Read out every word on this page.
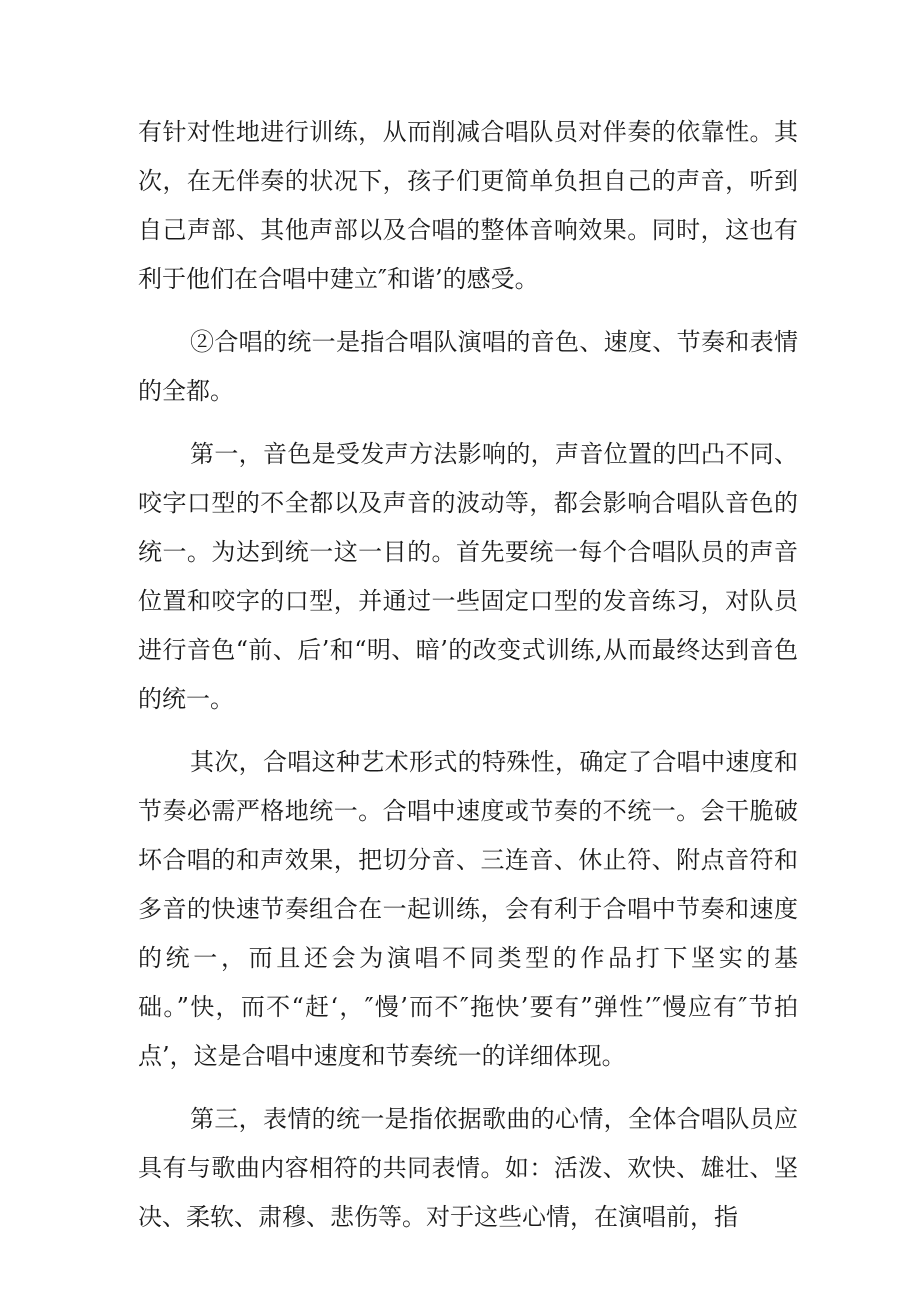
有针对性地进行训练，从而削减合唱队员对伴奏的依靠性。其次，在无伴奏的状况下，孩子们更简单负担自己的声音，听到自己声部、其他声部以及合唱的整体音响效果。同时，这也有利于他们在合唱中建立″和谐’的感受。

②合唱的统一是指合唱队演唱的音色、速度、节奏和表情的全都。

第一，音色是受发声方法影响的，声音位置的凹凸不同、咬字口型的不全都以及声音的波动等，都会影响合唱队音色的统一。为达到统一这一目的。首先要统一每个合唱队员的声音位置和咬字的口型，并通过一些固定口型的发音练习，对队员进行音色“前、后’和“明、暗’的改变式训练,从而最终达到音色的统一。

其次，合唱这种艺术形式的特殊性，确定了合唱中速度和节奏必需严格地统一。合唱中速度或节奏的不统一。会干脆破坏合唱的和声效果，把切分音、三连音、休止符、附点音符和多音的快速节奏组合在一起训练，会有利于合唱中节奏和速度的统一，而且还会为演唱不同类型的作品打下坚实的基础。”快，而不“赶‘，″慢’而不″拖快’要有”弹性’″慢应有″节拍点’，这是合唱中速度和节奏统一的详细体现。

第三，表情的统一是指依据歌曲的心情，全体合唱队员应具有与歌曲内容相符的共同表情。如：活泼、欢快、雄壮、坚决、柔软、肃穆、悲伤等。对于这些心情，在演唱前，指
